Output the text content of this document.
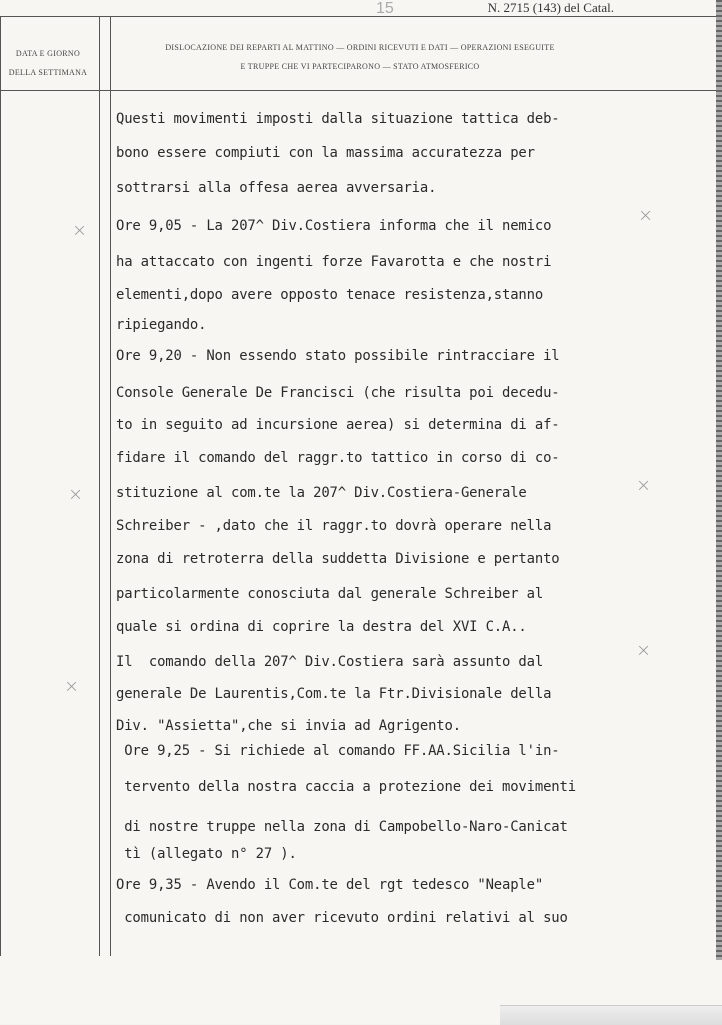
15	N. 2715 (143) del Catal.
DATA E GIORNO
DELLA SETTIMANA
DISLOCAZIONE DEI REPARTI AL MATTINO — ORDINI RICEVUTI E DATI — OPERAZIONI ESEGUITE
E TRUPPE CHE VI PARTECIPARONO — STATO ATMOSFERICO
Questi movimenti imposti dalla situazione tattica deb-
bono essere compiuti con la massima accuratezza per
sottrarsi alla offesa aerea avversaria.
Ore 9,05 - La 207^ Div.Costiera informa che il nemico
ha attaccato con ingenti forze Favarotta e che nostri
elementi,dopo avere opposto tenace resistenza,stanno
ripiegando.
Ore 9,20 - Non essendo stato possibile rintracciare il
Console Generale De Francisci (che risulta poi decedu-
to in seguito ad incursione aerea) si determina di af-
fidare il comando del raggr.to tattico in corso di co-
stituzione al com.te la 207^ Div.Costiera-Generale
Schreiber - ,dato che il raggr.to dovrà operare nella
zona di retroterra della suddetta Divisione e pertanto
particolarmente conosciuta dal generale Schreiber al
quale si ordina di coprire la destra del XVI C.A..
Il  comando della 207^ Div.Costiera sarà assunto dal
generale De Laurentis,Com.te la Ftr.Divisionale della
Div. "Assietta",che si invia ad Agrigento.
Ore 9,25 - Si richiede al comando FF.AA.Sicilia l'in-
tervento della nostra caccia a protezione dei movimenti
di nostre truppe nella zona di Campobello-Naro-Canicat
tì (allegato n° 27 ).
Ore 9,35 - Avendo il Com.te del rgt tedesco "Neaple"
comunicato di non aver ricevuto ordini relativi al suo
×
×
×
×
×
×
